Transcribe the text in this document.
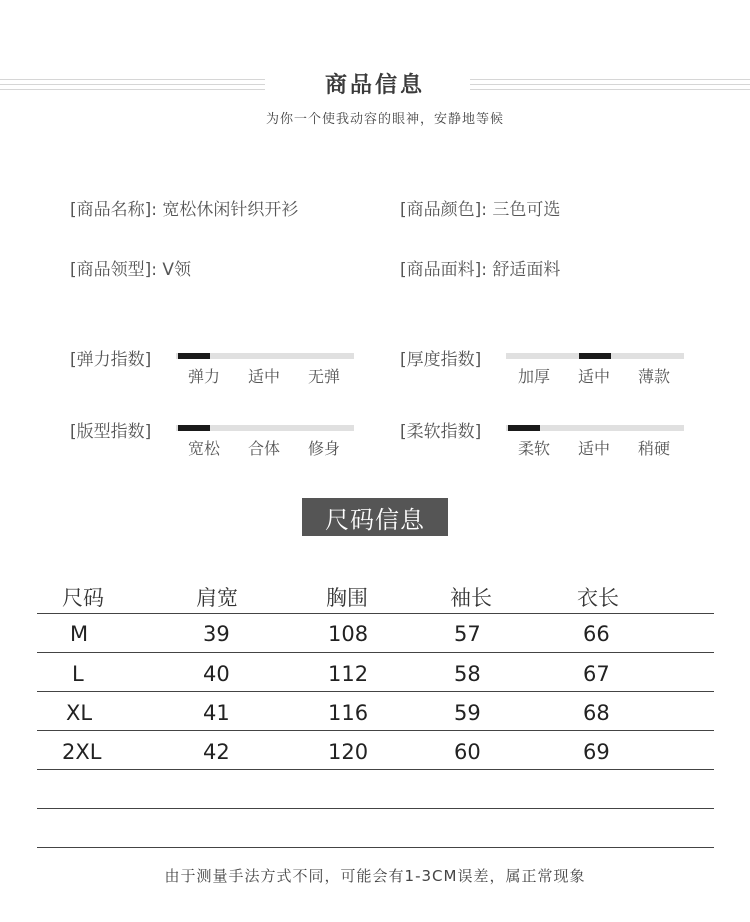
商品信息
为你一个使我动容的眼神，安静地等候
[商品名称]: 宽松休闲针织开衫	[商品颜色]: 三色可选
[商品领型]: V领	[商品面料]: 舒适面料
[弹力指数]
弹力 适中 无弹
[厚度指数]
加厚 适中 薄款
[版型指数]
宽松 合体 修身
[柔软指数]
柔软 适中 稍硬
尺码信息
尺码	肩宽	胸围	袖长	衣长
M	39	108	57	66
L	40	112	58	67
XL	41	116	59	68
2XL	42	120	60	69
由于测量手法方式不同，可能会有1-3CM误差，属正常现象
